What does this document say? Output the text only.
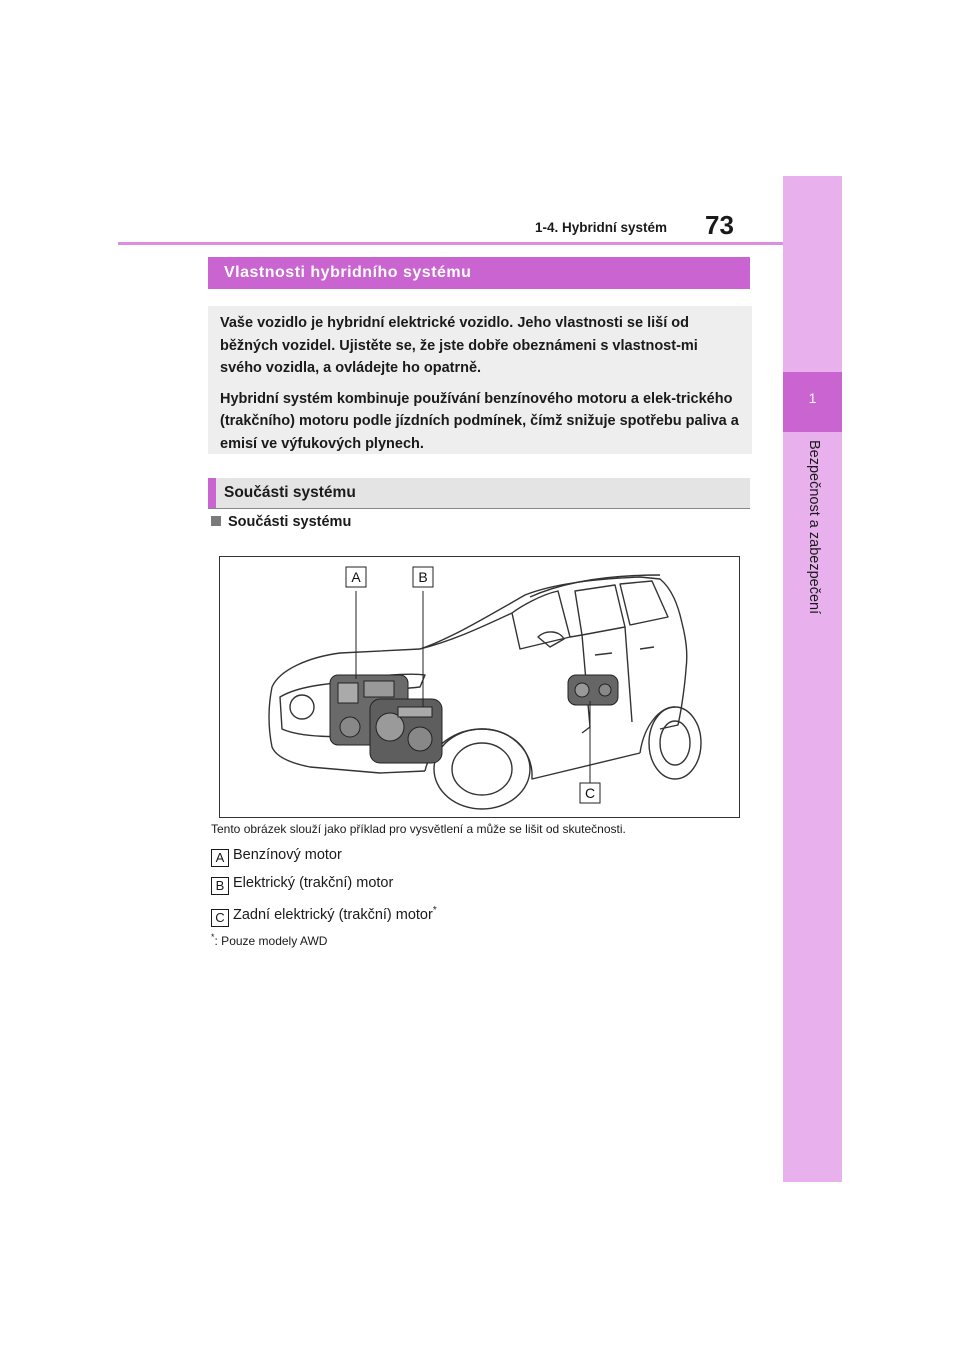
1
Bezpečnost a zabezpečení
1-4. Hybridní systém 73
Vlastnosti hybridního systému

Vaše vozidlo je hybridní elektrické vozidlo. Jeho vlastnosti se liší od běžných vozidel. Ujistěte se, že jste dobře obeznámeni s vlastnost-mi svého vozidla, a ovládejte ho opatrně.

Hybridní systém kombinuje používání benzínového motoru a elek-trického (trakčního) motoru podle jízdních podmínek, čímž snižuje spotřebu paliva a emisí ve výfukových plynech.

Součásti systému
Součásti systému
A	B
C
Tento obrázek slouží jako příklad pro vysvětlení a může se lišit od skutečnosti.
A Benzínový motor
B Elektrický (trakční) motor
C Zadní elektrický (trakční) motor*
*: Pouze modely AWD
